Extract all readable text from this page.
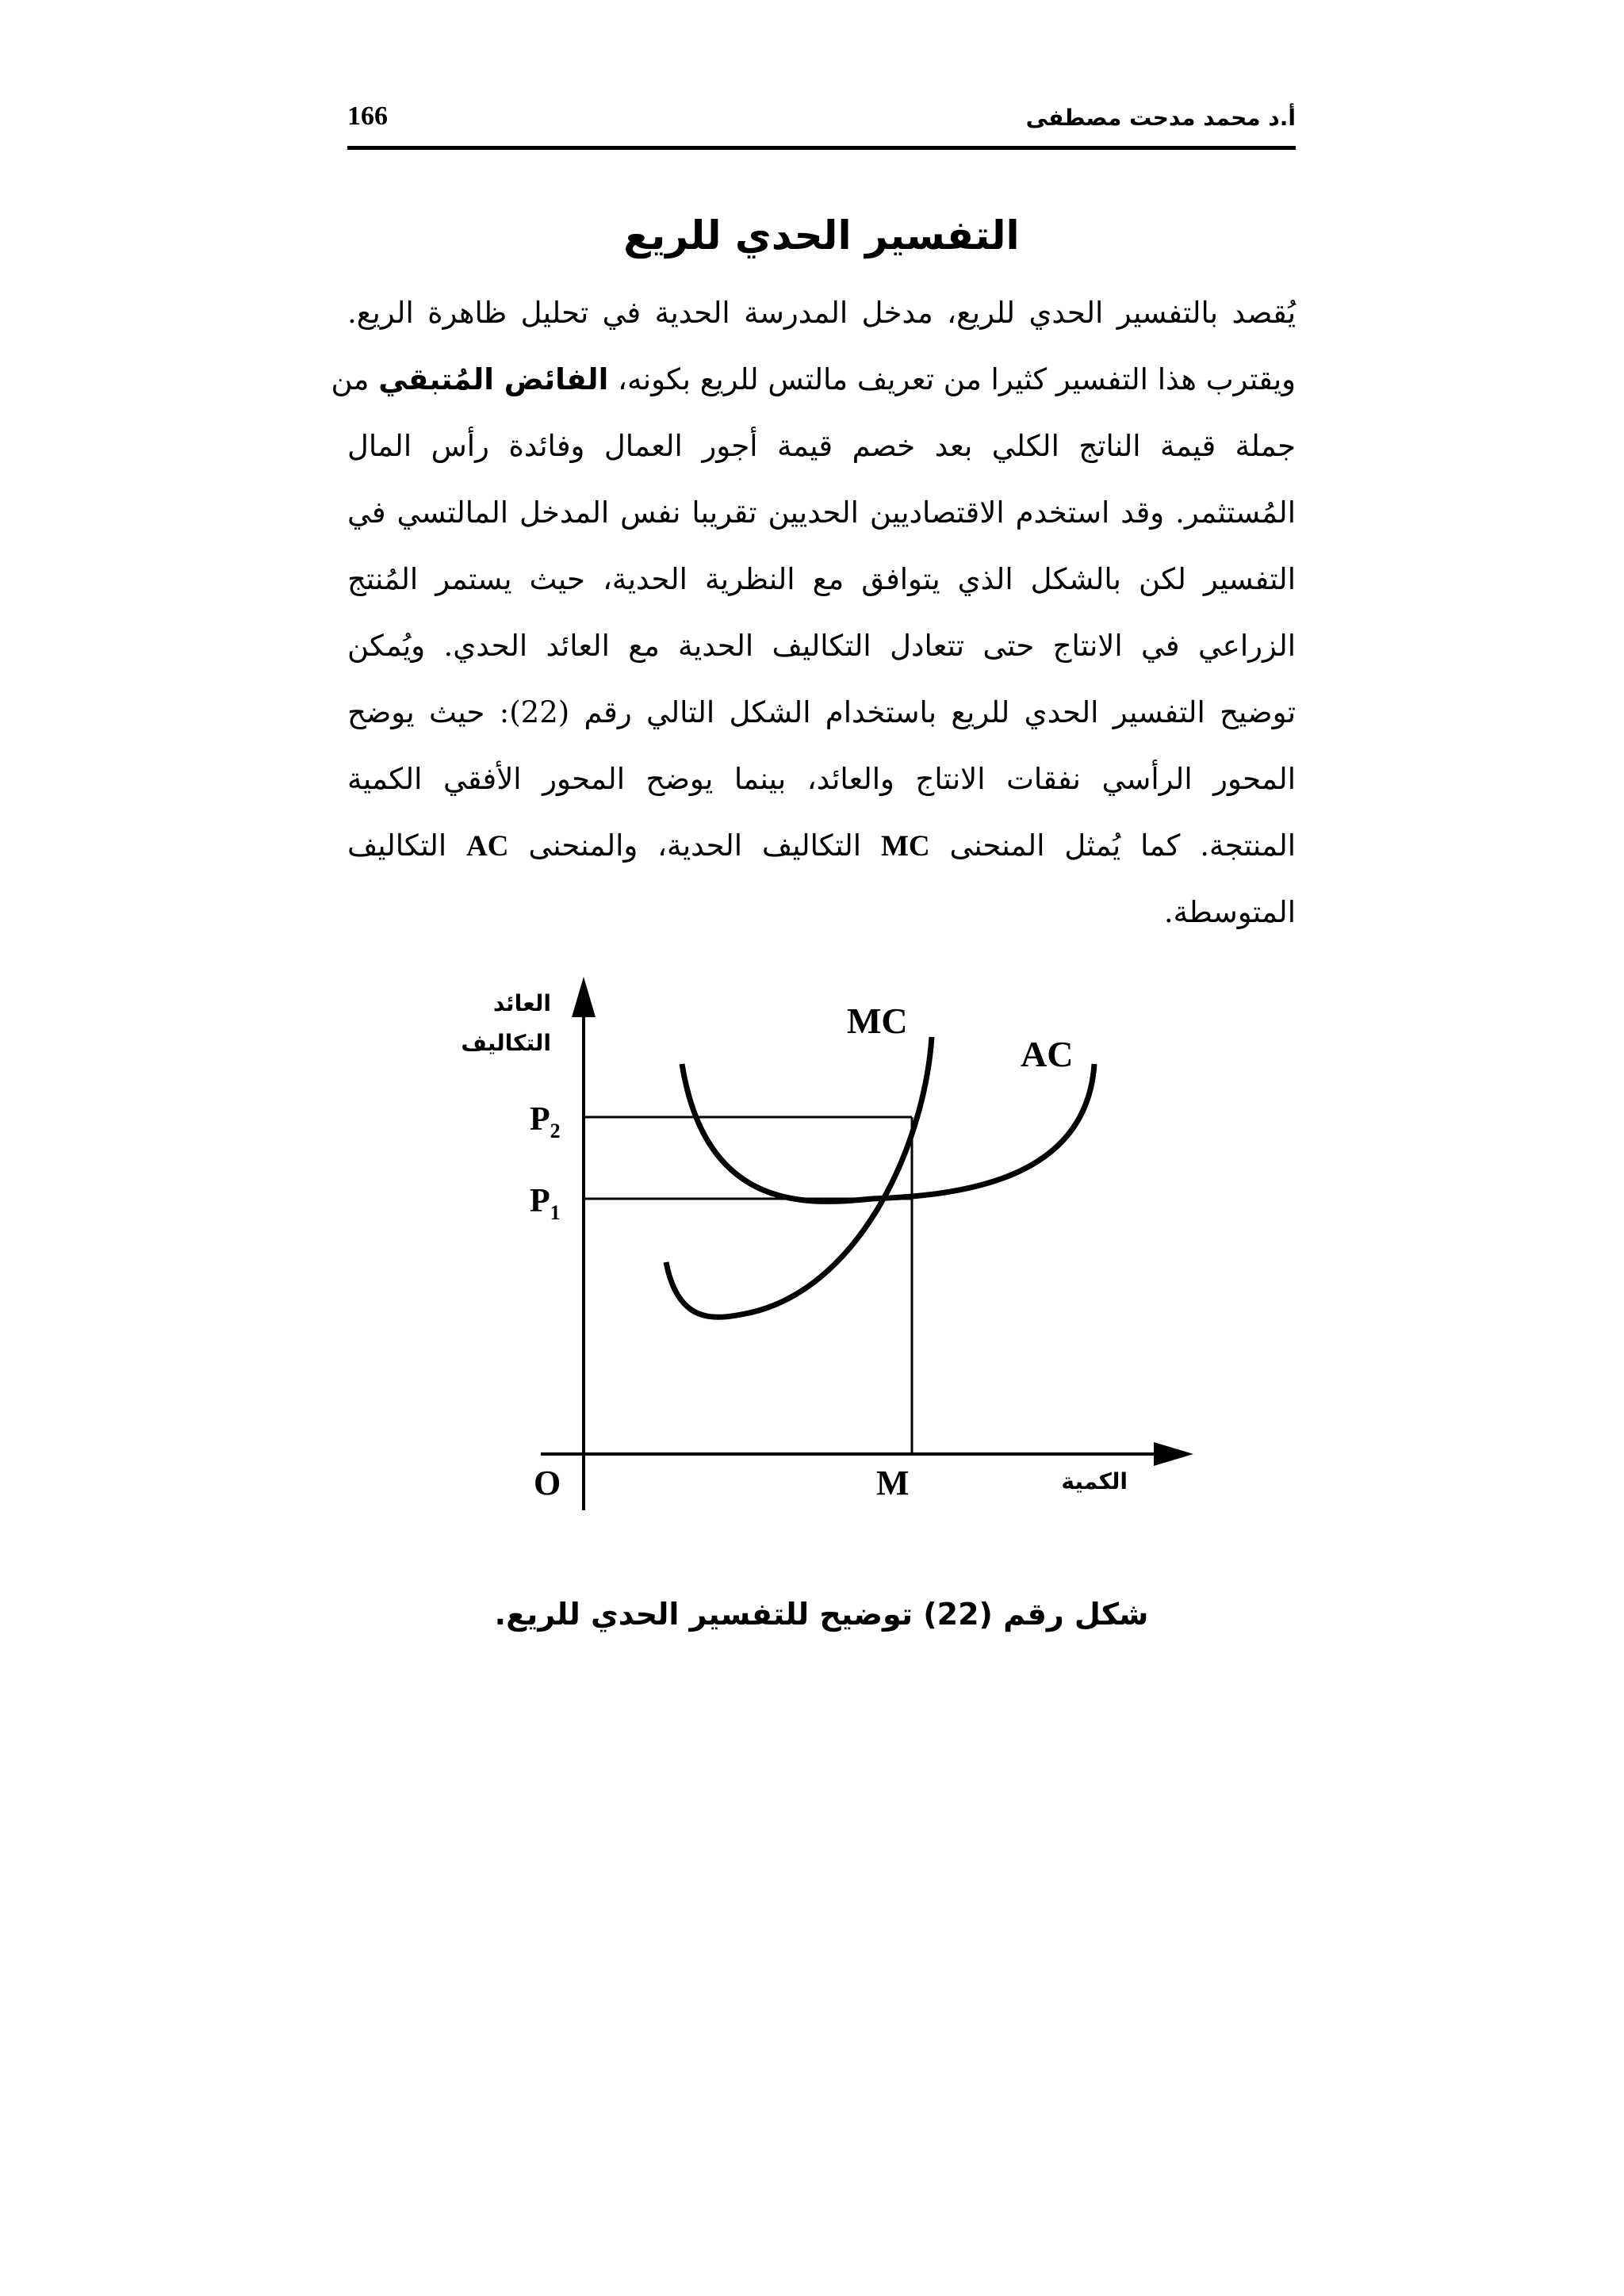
166	أ.د محمد مدحت مصطفى
التفسير الحدي للريع
يُقصد بالتفسير الحدي للريع، مدخل المدرسة الحدية في تحليل ظاهرة الريع.
ويقترب هذا التفسير كثيرا من تعريف مالتس للريع بكونه، الفائض المُتبقي من
جملة قيمة الناتج الكلي بعد خصم قيمة أجور العمال وفائدة رأس المال
المُستثمر. وقد استخدم الاقتصاديين الحديين تقريبا نفس المدخل المالتسي في
التفسير لكن بالشكل الذي يتوافق مع النظرية الحدية، حيث يستمر المُنتج
الزراعي في الانتاج حتى تتعادل التكاليف الحدية مع العائد الحدي. ويُمكن
توضيح التفسير الحدي للريع باستخدام الشكل التالي رقم (22): حيث يوضح
المحور الرأسي نفقات الانتاج والعائد، بينما يوضح المحور الأفقي الكمية
المنتجة. كما يُمثل المنحنى MC التكاليف الحدية، والمنحنى AC التكاليف
المتوسطة.
العائد
التكاليف
$P_2$
$P_1$
MC
AC
O	M	الكمية
شكل رقم (22) توضيح للتفسير الحدي للريع.
